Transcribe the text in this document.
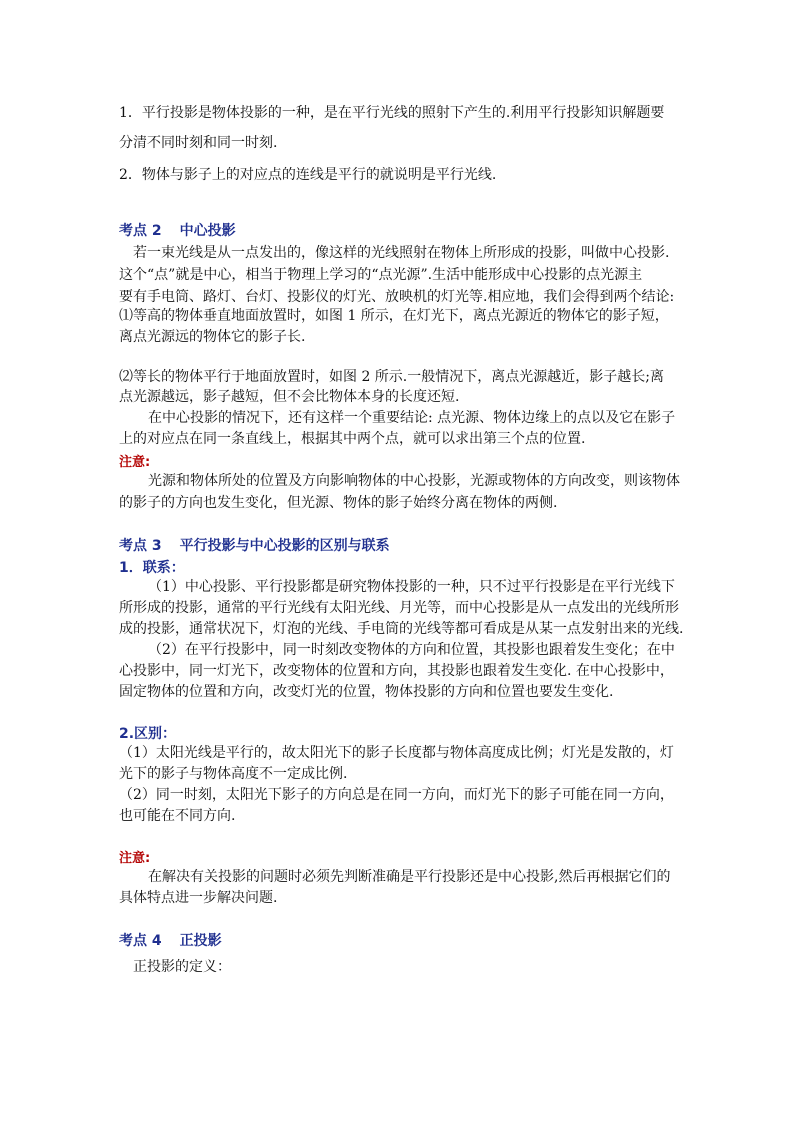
1．平行投影是物体投影的一种，是在平行光线的照射下产生的.利用平行投影知识解题要
分清不同时刻和同一时刻.
2．物体与影子上的对应点的连线是平行的就说明是平行光线.
考点 2 中心投影
若一束光线是从一点发出的，像这样的光线照射在物体上所形成的投影，叫做中心投影.
这个“点”就是中心，相当于物理上学习的“点光源”.生活中能形成中心投影的点光源主
要有手电筒、路灯、台灯、投影仪的灯光、放映机的灯光等.相应地，我们会得到两个结论:
⑴等高的物体垂直地面放置时，如图 1 所示，在灯光下，离点光源近的物体它的影子短，
离点光源远的物体它的影子长.
⑵等长的物体平行于地面放置时，如图 2 所示.一般情况下，离点光源越近，影子越长;离
点光源越远，影子越短，但不会比物体本身的长度还短.
在中心投影的情况下，还有这样一个重要结论: 点光源、物体边缘上的点以及它在影子
上的对应点在同一条直线上，根据其中两个点，就可以求出第三个点的位置.
注意:
光源和物体所处的位置及方向影响物体的中心投影，光源或物体的方向改变，则该物体
的影子的方向也发生变化，但光源、物体的影子始终分离在物体的两侧.
考点 3 平行投影与中心投影的区别与联系
1．联系：
（1）中心投影、平行投影都是研究物体投影的一种，只不过平行投影是在平行光线下
所形成的投影，通常的平行光线有太阳光线、月光等，而中心投影是从一点发出的光线所形
成的投影，通常状况下，灯泡的光线、手电筒的光线等都可看成是从某一点发射出来的光线.
（2）在平行投影中，同一时刻改变物体的方向和位置，其投影也跟着发生变化；在中
心投影中，同一灯光下，改变物体的位置和方向，其投影也跟着发生变化. 在中心投影中，
固定物体的位置和方向，改变灯光的位置，物体投影的方向和位置也要发生变化.
2.区别：
（1）太阳光线是平行的，故太阳光下的影子长度都与物体高度成比例；灯光是发散的，灯
光下的影子与物体高度不一定成比例.
（2）同一时刻，太阳光下影子的方向总是在同一方向，而灯光下的影子可能在同一方向，
也可能在不同方向.
注意:
在解决有关投影的问题时必须先判断准确是平行投影还是中心投影,然后再根据它们的
具体特点进一步解决问题.
考点 4 正投影
正投影的定义：
